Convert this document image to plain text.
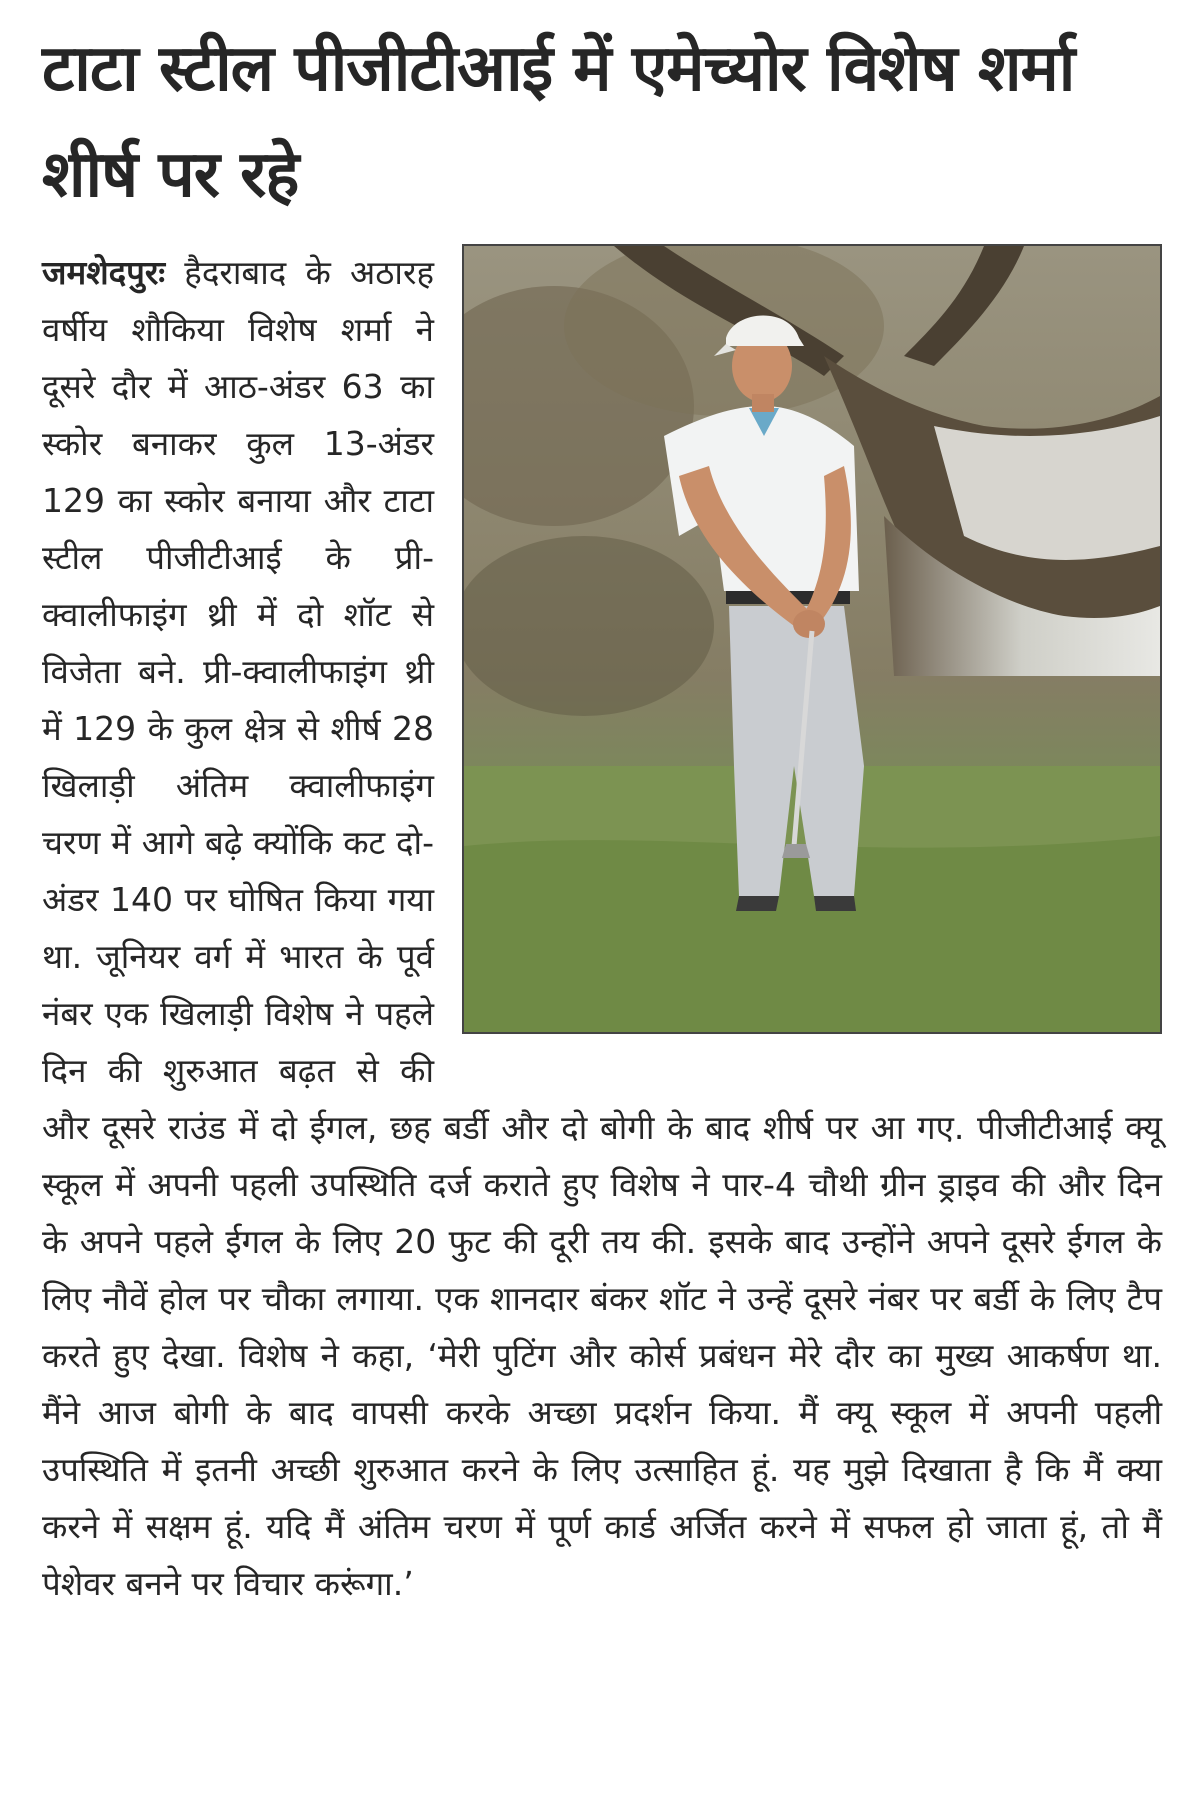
टाटा स्टील पीजीटीआई में एमेच्योर विशेष शर्मा शीर्ष पर रहे

जमशेदपुरः हैदराबाद के अठारह वर्षीय शौकिया विशेष शर्मा ने दूसरे दौर में आठ-अंडर 63 का स्कोर बनाकर कुल 13-अंडर 129 का स्कोर बनाया और टाटा स्टील पीजीटीआई के प्री-क्वालीफाइंग थ्री में दो शॉट से विजेता बने. प्री-क्वालीफाइंग थ्री में 129 के कुल क्षेत्र से शीर्ष 28 खिलाड़ी अंतिम क्वालीफाइंग चरण में आगे बढ़े क्योंकि कट दो-अंडर 140 पर घोषित किया गया था. जूनियर वर्ग में भारत के पूर्व नंबर एक खिलाड़ी विशेष ने पहले दिन की शुरुआत बढ़त से की और दूसरे राउंड में दो ईगल, छह बर्डी और दो बोगी के बाद शीर्ष पर आ गए. पीजीटीआई क्यू स्कूल में अपनी पहली उपस्थिति दर्ज कराते हुए विशेष ने पार-4 चौथी ग्रीन ड्राइव की और दिन के अपने पहले ईगल के लिए 20 फुट की दूरी तय की. इसके बाद उन्होंने अपने दूसरे ईगल के लिए नौवें होल पर चौका लगाया. एक शानदार बंकर शॉट ने उन्हें दूसरे नंबर पर बर्डी के लिए टैप करते हुए देखा. विशेष ने कहा, ‘मेरी पुटिंग और कोर्स प्रबंधन मेरे दौर का मुख्य आकर्षण था. मैंने आज बोगी के बाद वापसी करके अच्छा प्रदर्शन किया. मैं क्यू स्कूल में अपनी पहली उपस्थिति में इतनी अच्छी शुरुआत करने के लिए उत्साहित हूं. यह मुझे दिखाता है कि मैं क्या करने में सक्षम हूं. यदि मैं अंतिम चरण में पूर्ण कार्ड अर्जित करने में सफल हो जाता हूं, तो मैं पेशेवर बनने पर विचार करूंगा.’
